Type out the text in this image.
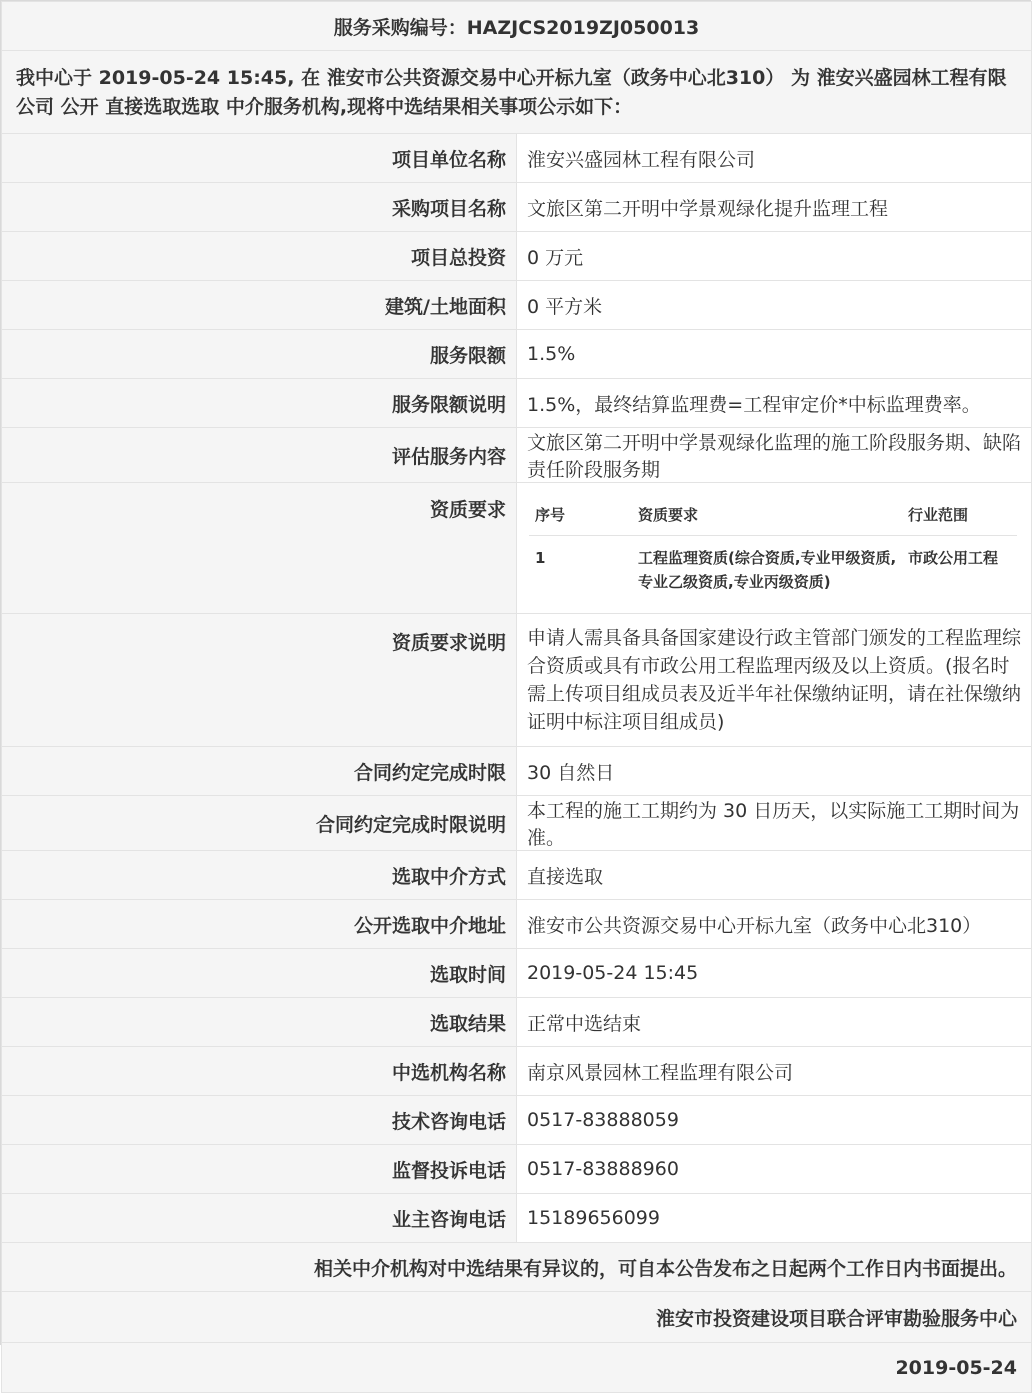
服务采购编号：HAZJCS2019ZJ050013
我中心于 2019-05-24 15:45, 在 淮安市公共资源交易中心开标九室（政务中心北310） 为 淮安兴盛园林工程有限公司 公开 直接选取选取 中介服务机构,现将中选结果相关事项公示如下：
项目单位名称	淮安兴盛园林工程有限公司
采购项目名称	文旅区第二开明中学景观绿化提升监理工程
项目总投资	0 万元
建筑/土地面积	0 平方米
服务限额	1.5%
服务限额说明	1.5%，最终结算监理费=工程审定价*中标监理费率。
评估服务内容	文旅区第二开明中学景观绿化监理的施工阶段服务期、缺陷责任阶段服务期
资质要求	序号	资质要求	行业范围
1	工程监理资质(综合资质,专业甲级资质,专业乙级资质,专业丙级资质)	市政公用工程

资质要求说明	申请人需具备具备国家建设行政主管部门颁发的工程监理综合资质或具有市政公用工程监理丙级及以上资质。(报名时需上传项目组成员表及近半年社保缴纳证明，请在社保缴纳证明中标注项目组成员)
合同约定完成时限	30 自然日
合同约定完成时限说明	本工程的施工工期约为 30 日历天，以实际施工工期时间为准。
选取中介方式	直接选取
公开选取中介地址	淮安市公共资源交易中心开标九室（政务中心北310）
选取时间	2019-05-24 15:45
选取结果	正常中选结束
中选机构名称	南京风景园林工程监理有限公司
技术咨询电话	0517-83888059
监督投诉电话	0517-83888960
业主咨询电话	15189656099
相关中介机构对中选结果有异议的，可自本公告发布之日起两个工作日内书面提出。
淮安市投资建设项目联合评审勘验服务中心
2019-05-24
